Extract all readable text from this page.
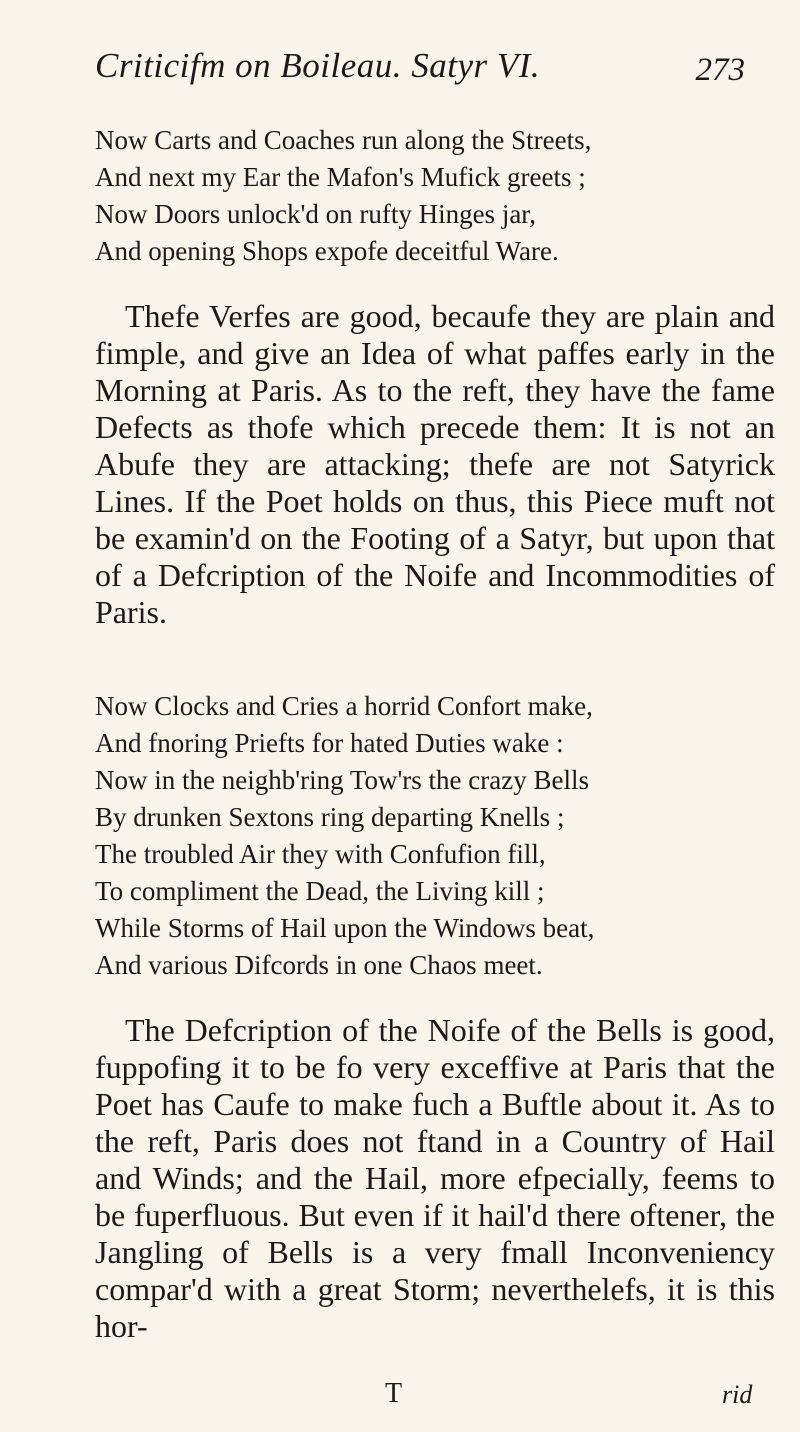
Criticifm on Boileau. Satyr VI.	273
Now Carts and Coaches run along the Streets,
And next my Ear the Mafon's Mufick greets ;
Now Doors unlock'd on rufty Hinges jar,
And opening Shops expofe deceitful Ware.

Thefe Verfes are good, becaufe they are plain and fimple, and give an Idea of what paffes early in the Morning at Paris. As to the reft, they have the fame Defects as thofe which precede them: It is not an Abufe they are attacking; thefe are not Satyrick Lines. If the Poet holds on thus, this Piece muft not be examin'd on the Footing of a Satyr, but upon that of a Defcription of the Noife and Incommodities of Paris.

Now Clocks and Cries a horrid Confort make,
And fnoring Priefts for hated Duties wake :
Now in the neighb'ring Tow'rs the crazy Bells
By drunken Sextons ring departing Knells ;
The troubled Air they with Confufion fill,
To compliment the Dead, the Living kill ;
While Storms of Hail upon the Windows beat,
And various Difcords in one Chaos meet.

The Defcription of the Noife of the Bells is good, fuppofing it to be fo very exceffive at Paris that the Poet has Caufe to make fuch a Buftle about it. As to the reft, Paris does not ftand in a Country of Hail and Winds; and the Hail, more efpecially, feems to be fuperfluous. But even if it hail'd there oftener, the Jangling of Bells is a very fmall Inconveniency compar'd with a great Storm; neverthelefs, it is this hor-

T	rid
